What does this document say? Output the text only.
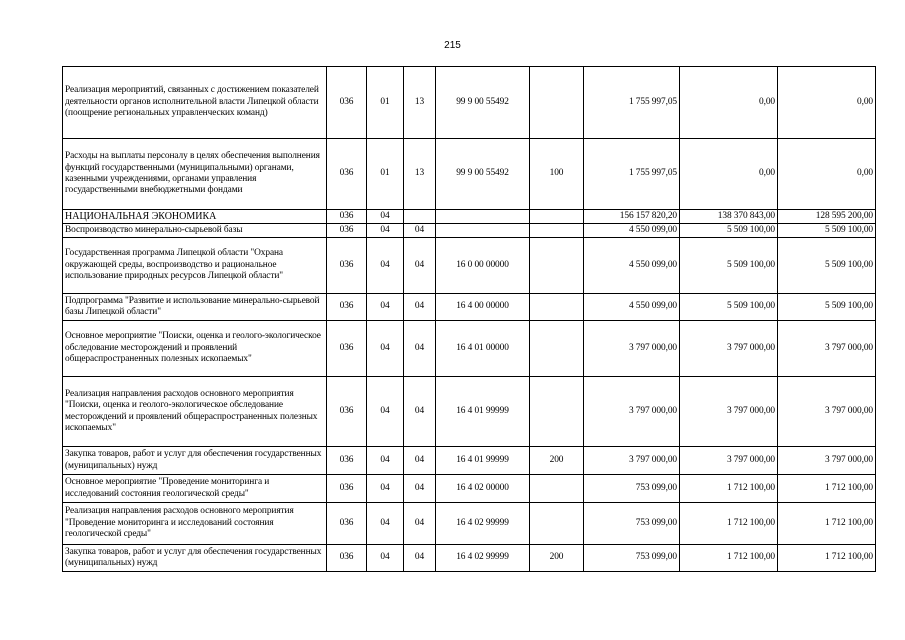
215
Реализация мероприятий, связанных с достижением показателей деятельности органов исполнительной власти Липецкой области (поощрение региональных управленческих команд)	036	01	13	99 9 00 55492		1 755 997,05	0,00	0,00
Расходы на выплаты персоналу в целях обеспечения выполнения функций государственными (муниципальными) органами, казенными учреждениями, органами управления государственными внебюджетными фондами	036	01	13	99 9 00 55492	100	1 755 997,05	0,00	0,00
НАЦИОНАЛЬНАЯ ЭКОНОМИКА	036	04				156 157 820,20	138 370 843,00	128 595 200,00
Воспроизводство минерально-сырьевой базы	036	04	04			4 550 099,00	5 509 100,00	5 509 100,00
Государственная программа Липецкой области "Охрана окружающей среды, воспроизводство и рациональное использование природных ресурсов Липецкой области"	036	04	04	16 0 00 00000		4 550 099,00	5 509 100,00	5 509 100,00
Подпрограмма "Развитие и использование минерально-сырьевой базы Липецкой области"	036	04	04	16 4 00 00000		4 550 099,00	5 509 100,00	5 509 100,00
Основное мероприятие "Поиски, оценка и геолого-экологическое обследование месторождений и проявлений общераспространенных полезных ископаемых"	036	04	04	16 4 01 00000		3 797 000,00	3 797 000,00	3 797 000,00
Реализация направления расходов основного мероприятия "Поиски, оценка и геолого-экологическое обследование месторождений и проявлений общераспространенных полезных ископаемых"	036	04	04	16 4 01 99999		3 797 000,00	3 797 000,00	3 797 000,00
Закупка товаров, работ и услуг для обеспечения государственных (муниципальных) нужд	036	04	04	16 4 01 99999	200	3 797 000,00	3 797 000,00	3 797 000,00
Основное мероприятие "Проведение мониторинга и исследований состояния геологической среды"	036	04	04	16 4 02 00000		753 099,00	1 712 100,00	1 712 100,00
Реализация направления расходов основного мероприятия "Проведение мониторинга и исследований состояния геологической среды"	036	04	04	16 4 02 99999		753 099,00	1 712 100,00	1 712 100,00
Закупка товаров, работ и услуг для обеспечения государственных (муниципальных) нужд	036	04	04	16 4 02 99999	200	753 099,00	1 712 100,00	1 712 100,00
